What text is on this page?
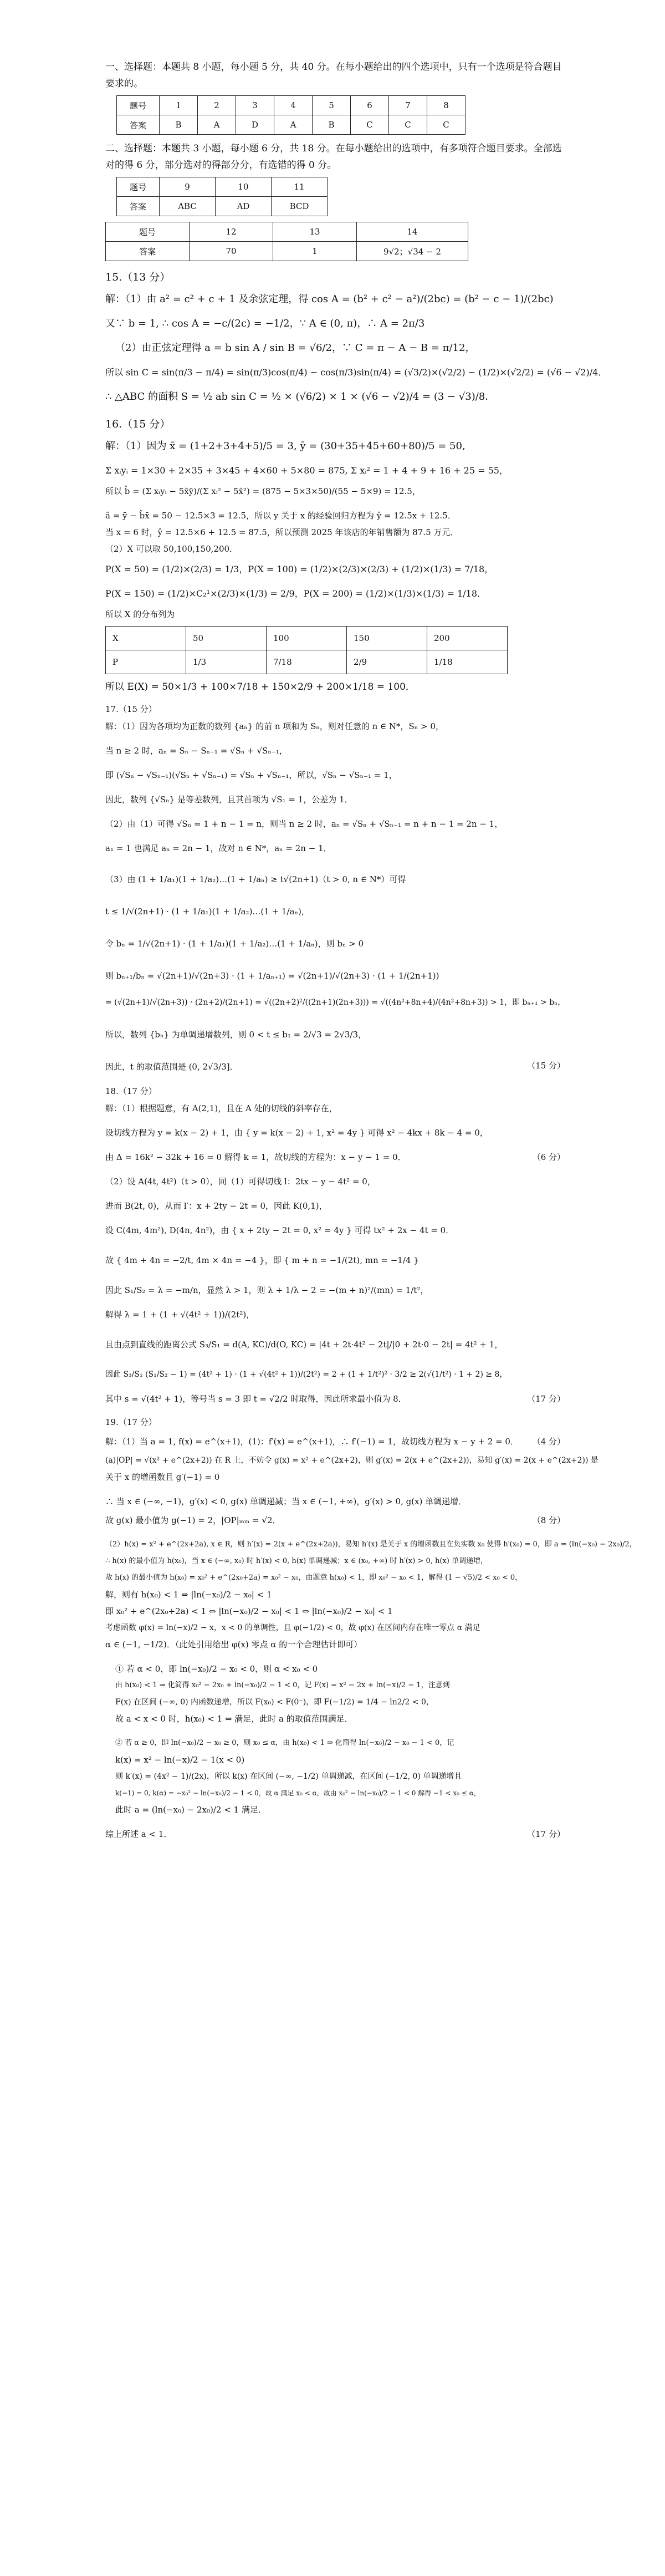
一、选择题：本题共 8 小题，每小题 5 分，共 40 分。在每小题给出的四个选项中，只有一个选项是符合题目要求的。
题号	1	2	3	4	5	6	7	8
答案	B	A	D	A	B	C	C	C
二、选择题：本题共 3 小题，每小题 6 分，共 18 分。在每小题给出的选项中，有多项符合题目要求。全部选对的得 6 分，部分选对的得部分分，有选错的得 0 分。
题号	9	10	11
答案	ABC	AD	BCD
题号	12	13	14
答案	70	1	9√2；√34 − 2
15.（13 分）
解：（1）由 a² = c² + c + 1 及余弦定理，得 cos A = (b² + c² − a²)/(2bc) = (b² − c − 1)/(2bc)
又∵ b = 1, ∴ cos A = −c/(2c) = −1/2，∵ A ∈ (0, π)，∴ A = 2π/3
（2）由正弦定理得 a = b sin A / sin B = √6/2，∵ C = π − A − B = π/12，
所以 sin C = sin(π/3 − π/4) = sin(π/3)cos(π/4) − cos(π/3)sin(π/4) = (√3/2)×(√2/2) − (1/2)×(√2/2) = (√6 − √2)/4．
∴ △ABC 的面积 S = ½ ab sin C = ½ × (√6/2) × 1 × (√6 − √2)/4 = (3 − √3)/8．
16.（15 分）
解：（1）因为 x̄ = (1+2+3+4+5)/5 = 3, ȳ = (30+35+45+60+80)/5 = 50,
Σ xᵢyᵢ = 1×30 + 2×35 + 3×45 + 4×60 + 5×80 = 875, Σ xᵢ² = 1 + 4 + 9 + 16 + 25 = 55，
所以 b̂ = (Σ xᵢyᵢ − 5x̄ȳ)/(Σ xᵢ² − 5x̄²) = (875 − 5×3×50)/(55 − 5×9) = 12.5，
â = ȳ − b̂x̄ = 50 − 12.5×3 = 12.5，所以 y 关于 x 的经验回归方程为 ŷ = 12.5x + 12.5．
当 x = 6 时，ŷ = 12.5×6 + 12.5 = 87.5，所以预测 2025 年该店的年销售额为 87.5 万元．
（2）X 可以取 50,100,150,200．
P(X = 50) = (1/2)×(2/3) = 1/3，P(X = 100) = (1/2)×(2/3)×(2/3) + (1/2)×(1/3) = 7/18，
P(X = 150) = (1/2)×C₂¹×(2/3)×(1/3) = 2/9，P(X = 200) = (1/2)×(1/3)×(1/3) = 1/18．
所以 X 的分布列为
X	50	100	150	200
P	1/3	7/18	2/9	1/18
所以 E(X) = 50×1/3 + 100×7/18 + 150×2/9 + 200×1/18 = 100．
17.（15 分）
解：（1）因为各项均为正数的数列 {aₙ} 的前 n 项和为 Sₙ，则对任意的 n ∈ N*，Sₙ > 0，
当 n ≥ 2 时，aₙ = Sₙ − Sₙ₋₁ = √Sₙ + √Sₙ₋₁，
即 (√Sₙ − √Sₙ₋₁)(√Sₙ + √Sₙ₋₁) = √Sₙ + √Sₙ₋₁，所以，√Sₙ − √Sₙ₋₁ = 1，
因此，数列 {√Sₙ} 是等差数列，且其首项为 √S₁ = 1，公差为 1．
（2）由（1）可得 √Sₙ = 1 + n − 1 = n，则当 n ≥ 2 时，aₙ = √Sₙ + √Sₙ₋₁ = n + n − 1 = 2n − 1，
a₁ = 1 也满足 aₙ = 2n − 1，故对 n ∈ N*，aₙ = 2n − 1．
（3）由 (1 + 1/a₁)(1 + 1/a₂)…(1 + 1/aₙ) ≥ t√(2n+1)（t > 0, n ∈ N*）可得
t ≤ 1/√(2n+1) · (1 + 1/a₁)(1 + 1/a₂)…(1 + 1/aₙ)，
令 bₙ = 1/√(2n+1) · (1 + 1/a₁)(1 + 1/a₂)…(1 + 1/aₙ)，则 bₙ > 0
则 bₙ₊₁/bₙ = √(2n+1)/√(2n+3) · (1 + 1/aₙ₊₁) = √(2n+1)/√(2n+3) · (1 + 1/(2n+1))
= (√(2n+1)/√(2n+3)) · (2n+2)/(2n+1) = √((2n+2)²/((2n+1)(2n+3))) = √((4n²+8n+4)/(4n²+8n+3)) > 1，即 bₙ₊₁ > bₙ，
所以，数列 {bₙ} 为单调递增数列，则 0 < t ≤ b₁ = 2/√3 = 2√3/3，
因此，t 的取值范围是 (0, 2√3/3]．	（15 分）
18.（17 分）
解：（1）根据题意，有 A(2,1)，且在 A 处的切线的斜率存在，
设切线方程为 y = k(x − 2) + 1，由 { y = k(x − 2) + 1, x² = 4y } 可得 x² − 4kx + 8k − 4 = 0，
由 Δ = 16k² − 32k + 16 = 0 解得 k = 1，故切线的方程为：x − y − 1 = 0．	（6 分）
（2）设 A(4t, 4t²)（t > 0），同（1）可得切线 l：2tx − y − 4t² = 0，
进而 B(2t, 0)，从而 l′：x + 2ty − 2t = 0，因此 K(0,1)，
设 C(4m, 4m²), D(4n, 4n²)，由 { x + 2ty − 2t = 0, x² = 4y } 可得 tx² + 2x − 4t = 0．
故 { 4m + 4n = −2/t, 4m × 4n = −4 }，即 { m + n = −1/(2t), mn = −1/4 }
因此 S₁/S₂ = λ = −m/n，显然 λ > 1，则 λ + 1/λ − 2 = −(m + n)²/(mn) = 1/t²，
解得 λ = 1 + (1 + √(4t² + 1))/(2t²)，
且由点到直线的距离公式 S₃/S₁ = d(A, KC)/d(O, KC) = |4t + 2t·4t² − 2t|/|0 + 2t·0 − 2t| = 4t² + 1，
因此 S₃/S₁ (S₁/S₂ − 1) = (4t² + 1) · (1 + √(4t² + 1))/(2t²) = 2 + (1 + 1/t²)² · 3/2 ≥ 2(√(1/t²) · 1 + 2) ≥ 8，
其中 s = √(4t² + 1)，等号当 s = 3 即 t = √2/2 时取得，因此所求最小值为 8．	（17 分）
19.（17 分）
解：（1）当 a = 1, f(x) = e^(x+1)，(1)：f′(x) = e^(x+1)，∴ f′(−1) = 1，故切线方程为 x − y + 2 = 0． （4 分）
(a)|OP| = √(x² + e^(2x+2)) 在 R 上，不妨令 g(x) = x² + e^(2x+2)，则 g′(x) = 2(x + e^(2x+2))，易知 g′(x) = 2(x + e^(2x+2)) 是
关于 x 的增函数且 g′(−1) = 0
∴ 当 x ∈ (−∞, −1)，g′(x) < 0, g(x) 单调递减；当 x ∈ (−1, +∞)，g′(x) > 0, g(x) 单调递增．
故 g(x) 最小值为 g(−1) = 2，|OP|ₘᵢₙ = √2．	（8 分）
（2）h(x) = x² + e^(2x+2a), x ∈ R，则 h′(x) = 2(x + e^(2x+2a))，易知 h′(x) 是关于 x 的增函数且在负实数 x₀ 使得 h′(x₀) = 0，即 a = (ln(−x₀) − 2x₀)/2，
∴ h(x) 的最小值为 h(x₀)，当 x ∈ (−∞, x₀) 时 h′(x) < 0, h(x) 单调递减；x ∈ (x₀, +∞) 时 h′(x) > 0, h(x) 单调递增，
故 h(x) 的最小值为 h(x₀) = x₀² + e^(2x₀+2a) = x₀² − x₀，由题意 h(x₀) < 1，即 x₀² − x₀ < 1，解得 (1 − √5)/2 < x₀ < 0，
解，则有 h(x₀) < 1 ⇔ |ln(−x₀)/2 − x₀| < 1
即 x₀² + e^(2x₀+2a) < 1 ⇔ |ln(−x₀)/2 − x₀| < 1 ⇔ |ln(−x₀)/2 − x₀| < 1
考虑函数 φ(x) = ln(−x)/2 − x，x < 0 的单调性，且 φ(−1/2) < 0，故 φ(x) 在区间内存在唯一零点 α 满足
α ∈ (−1, −1/2)．（此处引用给出 φ(x) 零点 α 的一个合理估计即可）
① 若 α < 0，即 ln(−x₀)/2 − x₀ < 0，则 α < x₀ < 0
由 h(x₀) < 1 ⇒ 化简得 x₀² − 2x₀ + ln(−x₀)/2 − 1 < 0，记 F(x) = x² − 2x + ln(−x)/2 − 1，注意到
F(x) 在区间 (−∞, 0) 内函数递增，所以 F(x₀) < F(0⁻)，即 F(−1/2) = 1/4 − ln2/2 < 0，
故 a < x < 0 时，h(x₀) < 1 ⇔ 满足，此时 a 的取值范围满足．
② 若 α ≥ 0，即 ln(−x₀)/2 − x₀ ≥ 0，则 x₀ ≤ α，由 h(x₀) < 1 ⇒ 化简得 ln(−x₀)/2 − x₀ − 1 < 0，记
k(x) = x² − ln(−x)/2 − 1(x < 0)
则 k′(x) = (4x² − 1)/(2x)，所以 k(x) 在区间 (−∞, −1/2) 单调递减，在区间 (−1/2, 0) 单调递增且
k(−1) = 0, k(α) = −x₀² − ln(−x₀)/2 − 1 < 0，故 α 满足 x₀ < α，故由 x₀² − ln(−x₀)/2 − 1 < 0 解得 −1 < x₀ ≤ α，
此时 a = (ln(−x₀) − 2x₀)/2 < 1 满足．
综上所述 a < 1．	（17 分）
